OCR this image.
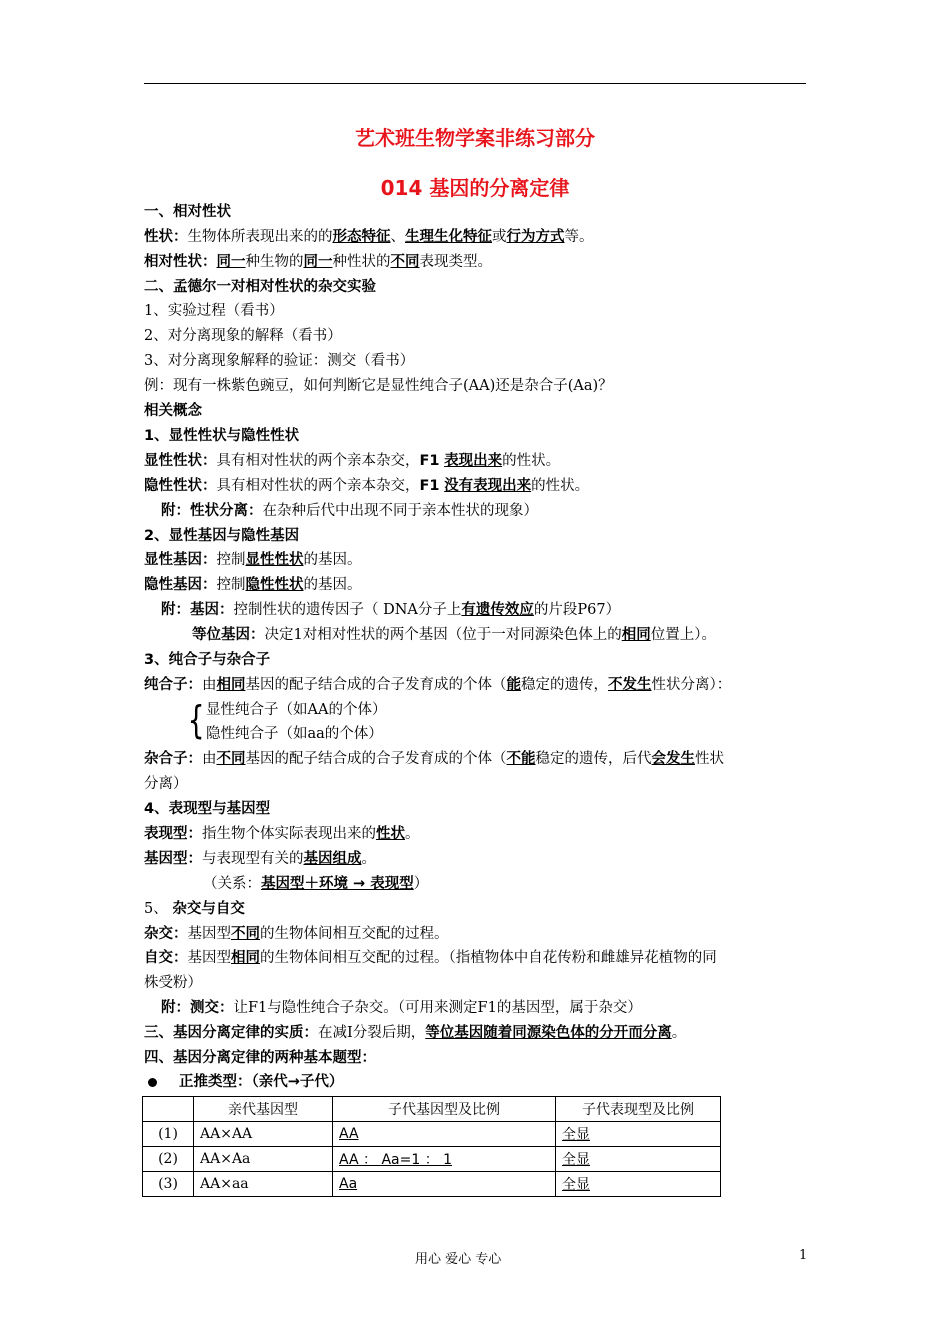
艺术班生物学案非练习部分
014 基因的分离定律
一、相对性状
性状：生物体所表现出来的的形态特征、生理生化特征或行为方式等。
相对性状：同一种生物的同一种性状的不同表现类型。
二、孟德尔一对相对性状的杂交实验
1、实验过程（看书）
2、对分离现象的解释（看书）
3、对分离现象解释的验证：测交（看书）
例：现有一株紫色豌豆，如何判断它是显性纯合子(AA)还是杂合子(Aa)？
相关概念
1、显性性状与隐性性状
显性性状：具有相对性状的两个亲本杂交，F1 表现出来的性状。
隐性性状：具有相对性状的两个亲本杂交，F1 没有表现出来的性状。
附：性状分离：在杂种后代中出现不同于亲本性状的现象）
2、显性基因与隐性基因
显性基因：控制显性性状的基因。
隐性基因：控制隐性性状的基因。
附：基因：控制性状的遗传因子（ DNA分子上有遗传效应的片段P67）
等位基因：决定1对相对性状的两个基因（位于一对同源染色体上的相同位置上）。
3、纯合子与杂合子
纯合子：由相同基因的配子结合成的合子发育成的个体（能稳定的遗传，不发生性状分离）：
{ 显性纯合子（如AA的个体）
隐性纯合子（如aa的个体）
杂合子：由不同基因的配子结合成的合子发育成的个体（不能稳定的遗传，后代会发生性状
分离）
4、表现型与基因型
表现型：指生物个体实际表现出来的性状。
基因型：与表现型有关的基因组成。
（关系：基因型＋环境 → 表现型）
5、 杂交与自交
杂交：基因型不同的生物体间相互交配的过程。
自交：基因型相同的生物体间相互交配的过程。（指植物体中自花传粉和雌雄异花植物的同
株受粉）
附：测交：让F1与隐性纯合子杂交。（可用来测定F1的基因型，属于杂交）
三、基因分离定律的实质：在减Ⅰ分裂后期，等位基因随着同源染色体的分开而分离。
四、基因分离定律的两种基本题型：
正推类型：（亲代→子代）
	亲代基因型	子代基因型及比例	子代表现型及比例
(1)	AA×AA	AA	全显
(2)	AA×Aa	AA ： Aa=1 ： 1	全显
(3)	AA×aa	Aa	全显
用心 爱心 专心	1
